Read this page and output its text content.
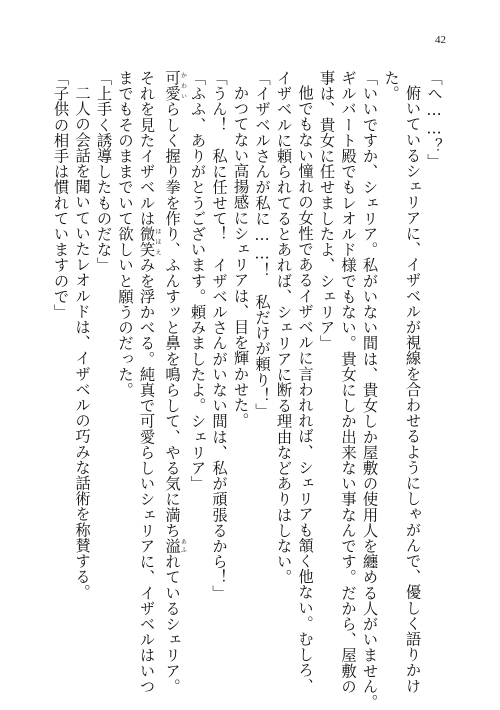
42
「へ……？」
俯いているシェリアに、イザベルが視線を合わせるようにしゃがんで、優しく語りかけ
た。
「いいですか、シェリア。私がいない間は、貴女しか屋敷の使用人を纏める人がいません。
ギルバート殿でもレオルド様でもない。貴女にしか出来ない事なんです。だから、屋敷の
事は、貴女に任せましたよ、シェリア」
他でもない憧れの女性であるイザベルに言われれば、シェリアも頷く他ない。むしろ、
イザベルに頼られてるとあれば、シェリアに断る理由などありはしない。
「イザベルさんが私に……！　私だけが頼り！」
かつてない高揚感にシェリアは、目を輝かせた。
「うん！　私に任せて！　イザベルさんがいない間は、私が頑張るから！」
「ふふ、ありがとうございます。頼みましたよ。シェリア」
可愛かわいらしく握り拳を作り、ふんすッと鼻を鳴らして、やる気に満ち溢あふれているシェリア。
それを見たイザベルは微笑ほほえみを浮かべる。純真で可愛らしいシェリアに、イザベルはいつ
までもそのままでいて欲しいと願うのだった。
「上手く誘導したものだな」
二人の会話を聞いていたレオルドは、イザベルの巧みな話術を称賛する。
「子供の相手は慣れていますので」
